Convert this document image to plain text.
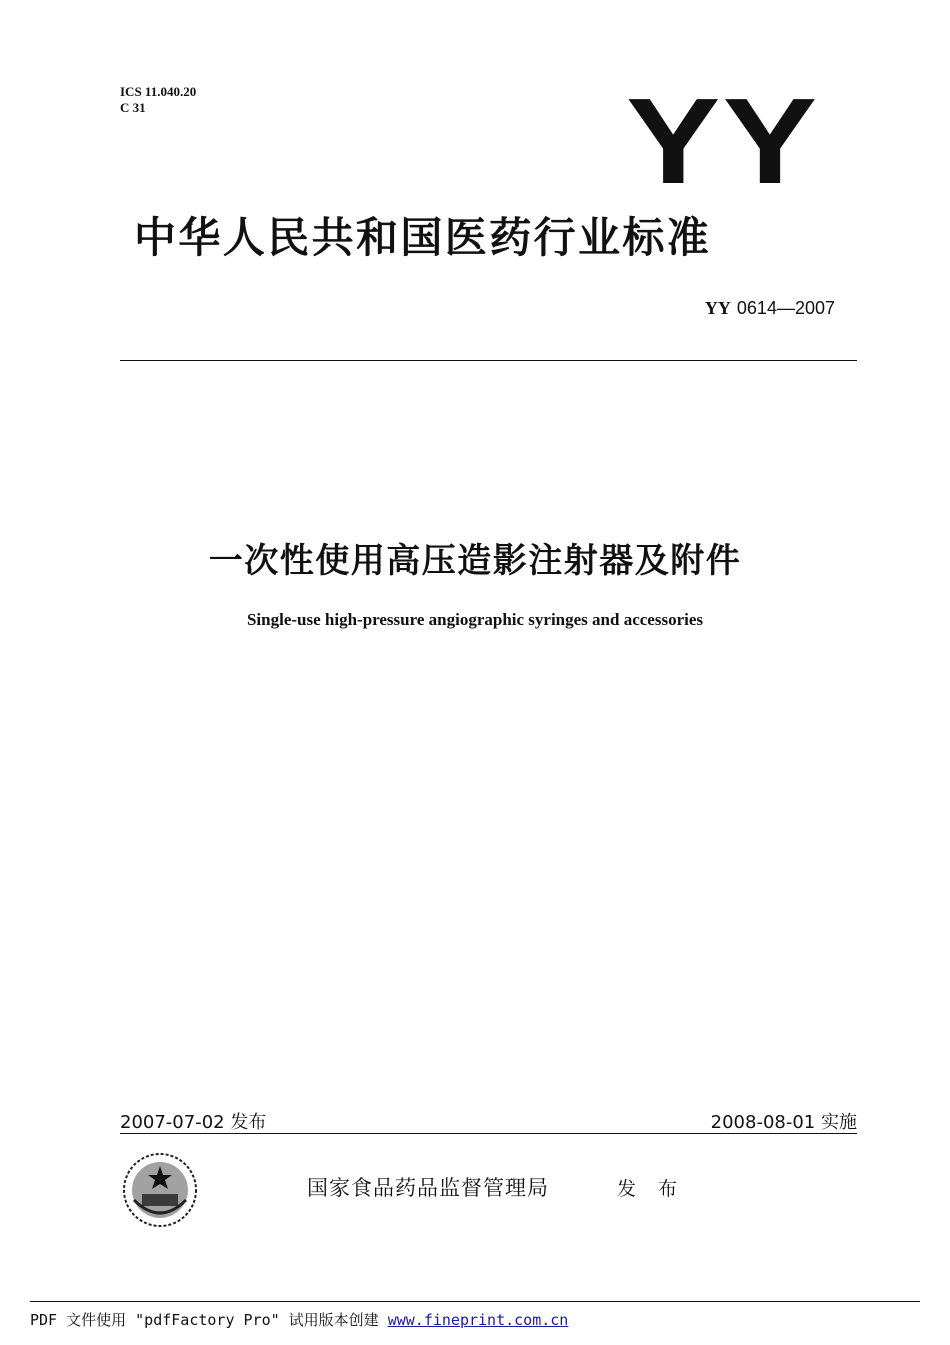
ICS 11.040.20
C 31	YY
中华人民共和国医药行业标准
YY 0614—2007
一次性使用高压造影注射器及附件
Single-use high-pressure angiographic syringes and accessories
2007-07-02 发布	2008-08-01 实施
国家食品药品监督管理局	发 布
PDF 文件使用 "pdfFactory Pro" 试用版本创建 www.fineprint.com.cn
